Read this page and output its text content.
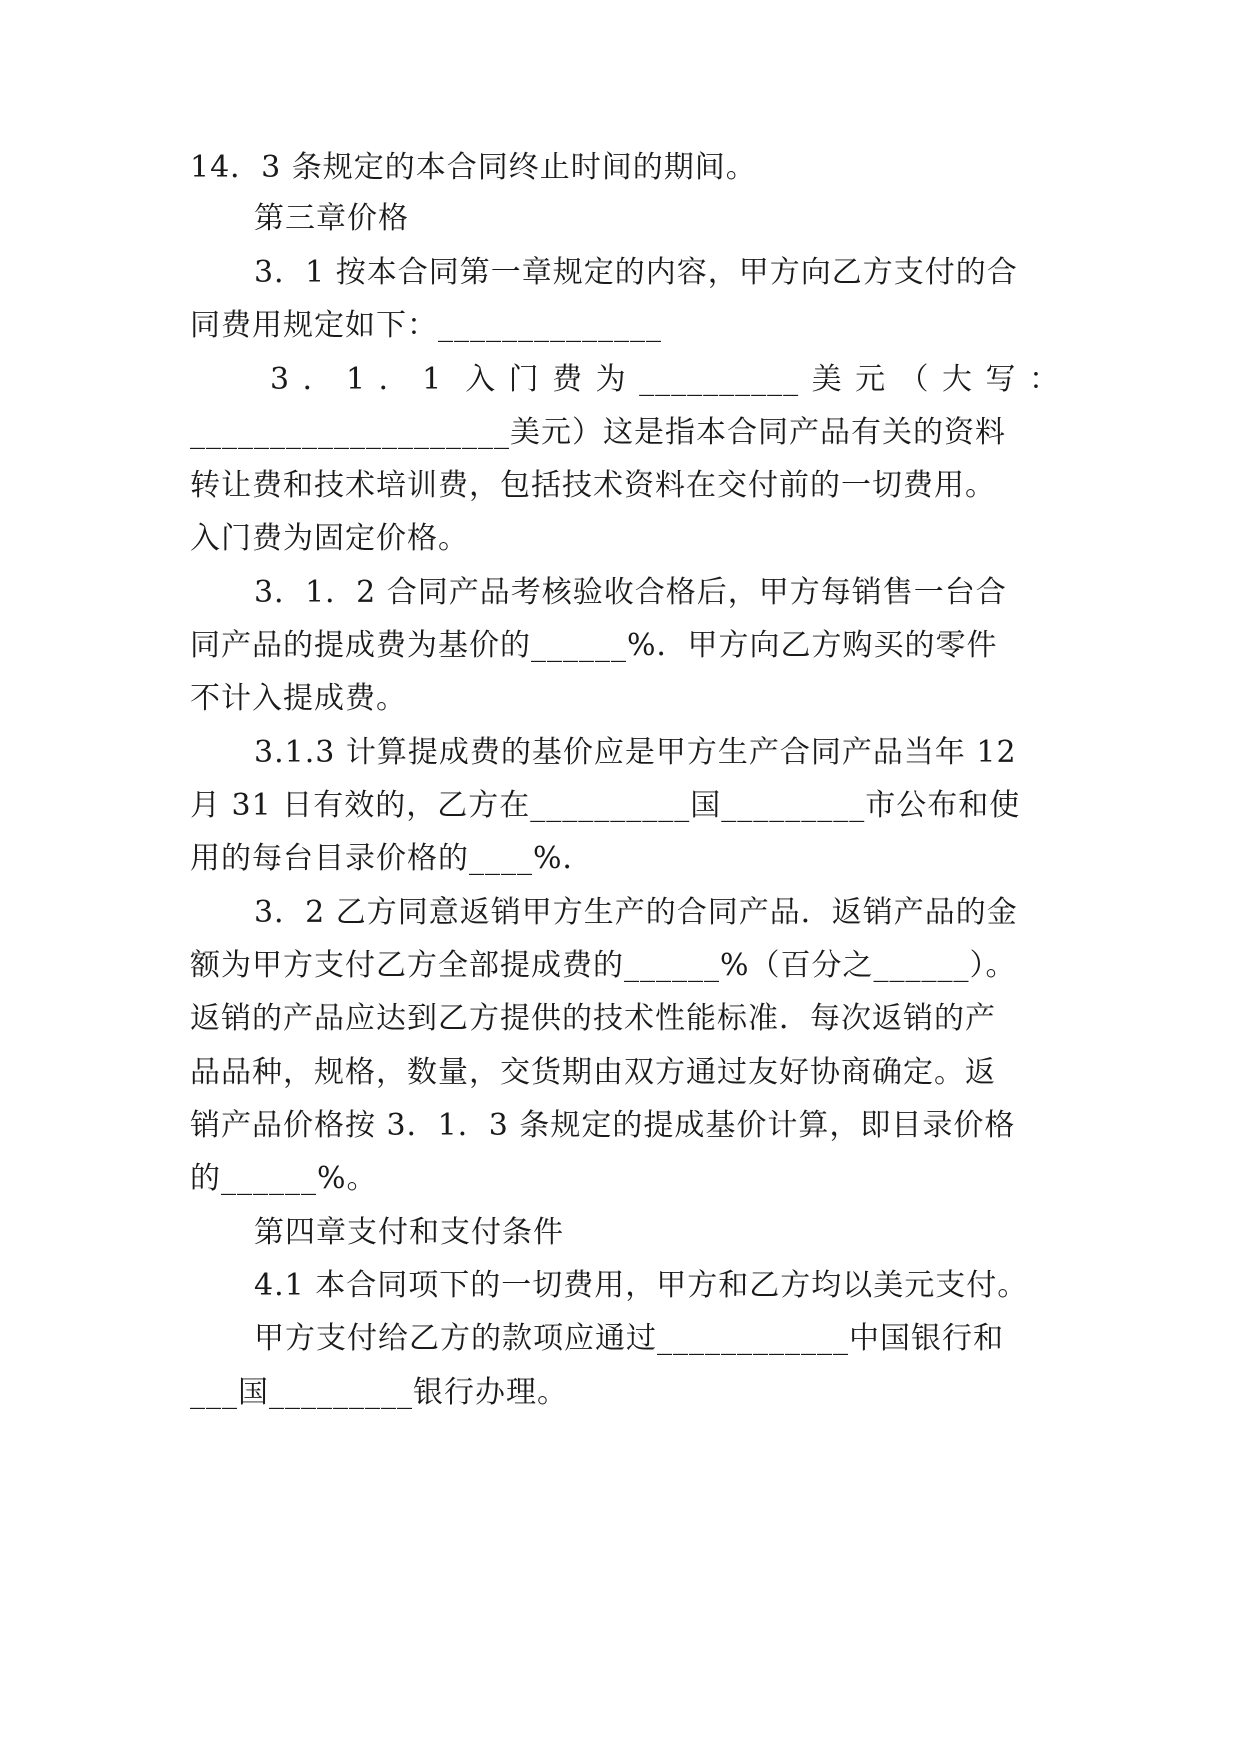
14．3 条规定的本合同终止时间的期间。
第三章价格
3．1 按本合同第一章规定的内容，甲方向乙方支付的合
同费用规定如下：______________
3．1．1 入门费为__________美元（大写：
____________________美元）这是指本合同产品有关的资料
转让费和技术培训费，包括技术资料在交付前的一切费用。
入门费为固定价格。
3．1．2 合同产品考核验收合格后，甲方每销售一台合
同产品的提成费为基价的______%．甲方向乙方购买的零件
不计入提成费。
3.1.3 计算提成费的基价应是甲方生产合同产品当年 12
月 31 日有效的，乙方在__________国_________市公布和使
用的每台目录价格的____%．
3．2 乙方同意返销甲方生产的合同产品．返销产品的金
额为甲方支付乙方全部提成费的______%（百分之______）。
返销的产品应达到乙方提供的技术性能标准．每次返销的产
品品种，规格，数量，交货期由双方通过友好协商确定。返
销产品价格按 3．1．3 条规定的提成基价计算，即目录价格
的______%。
第四章支付和支付条件
4.1 本合同项下的一切费用，甲方和乙方均以美元支付。
甲方支付给乙方的款项应通过____________中国银行和
___国_________银行办理。
